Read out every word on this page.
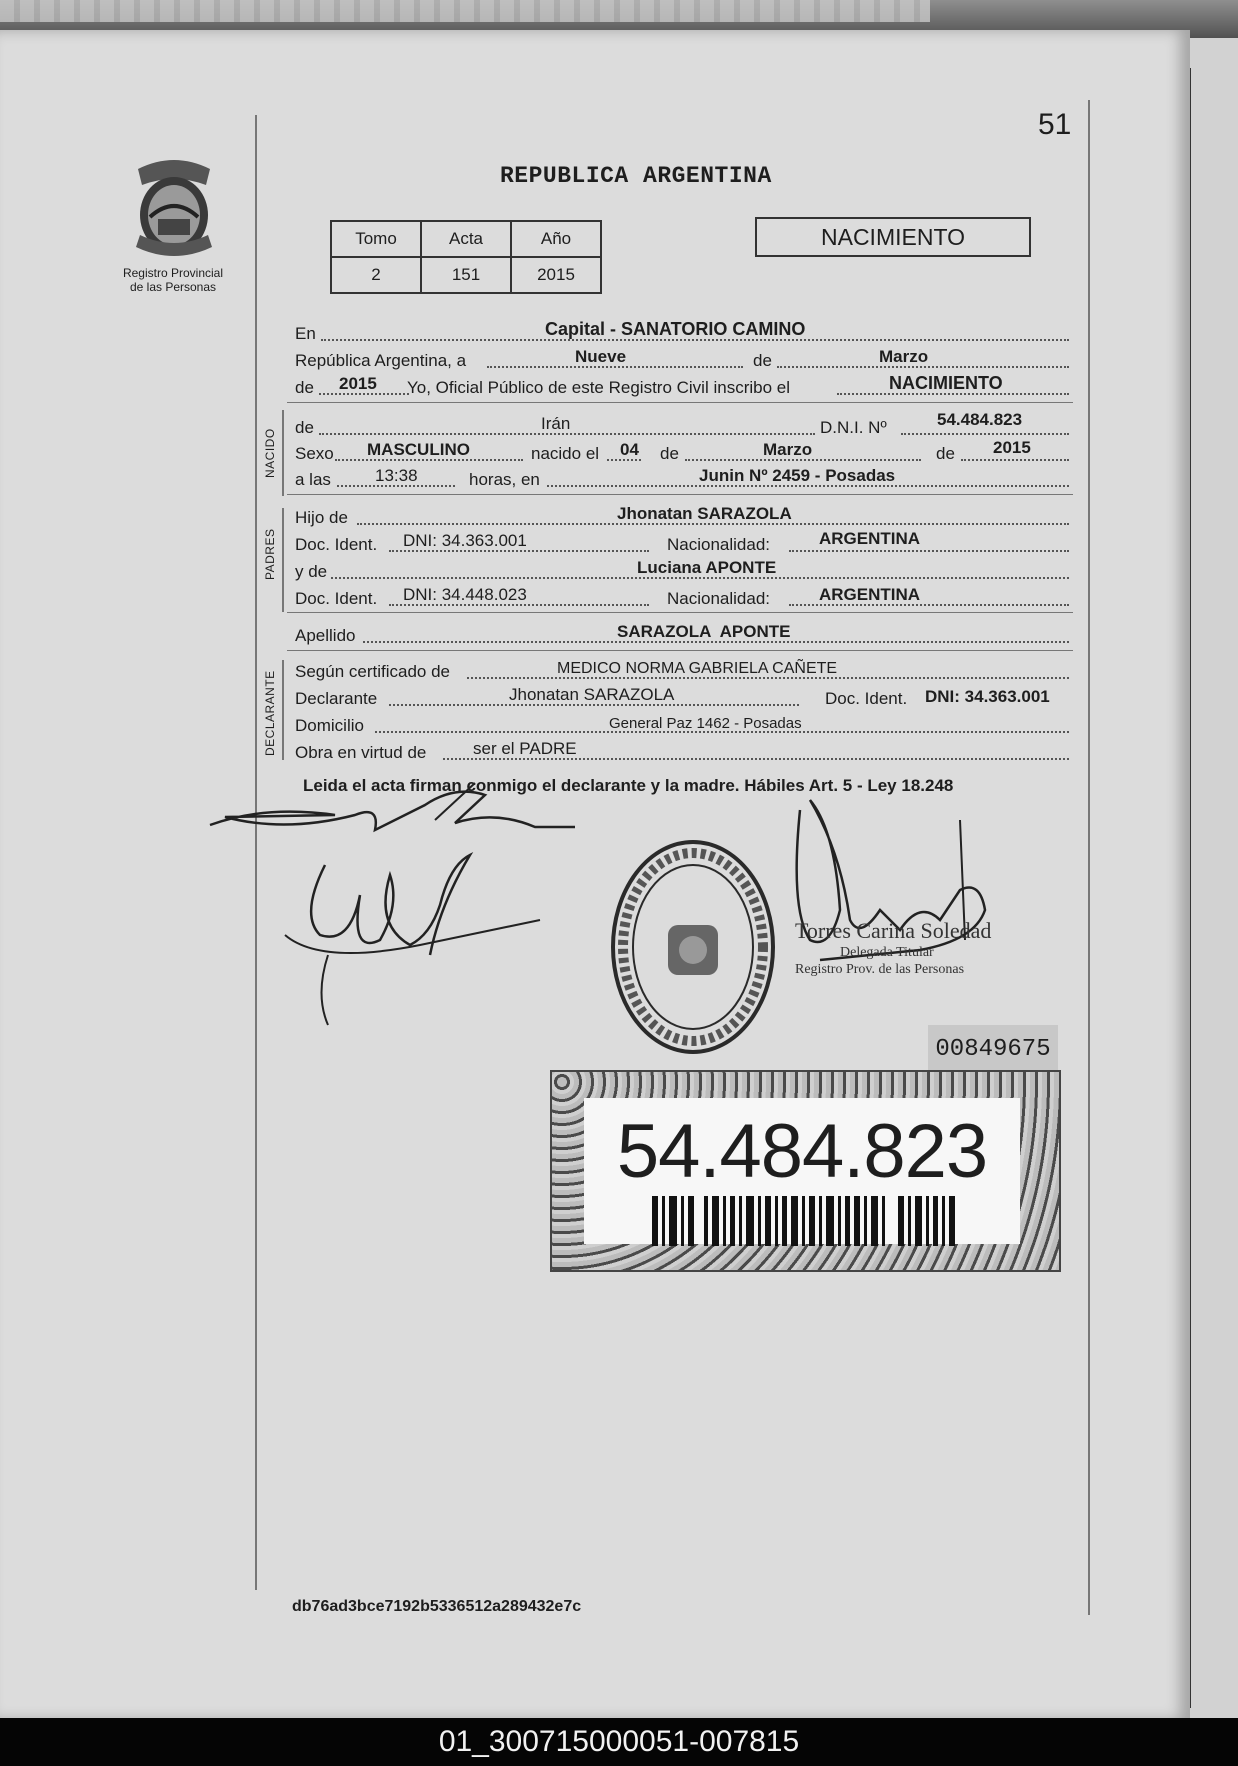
51
REPUBLICA ARGENTINA
Registro Provincial
de las Personas
Tomo	Acta	Año
2	151	2015
NACIMIENTO
En	Capital - SANATORIO CAMINO
República Argentina, a	Nueve	de	Marzo
de 2015 Yo, Oficial Público de este Registro Civil inscribo el	NACIMIENTO
NACIDO
de	Irán	D.N.I. Nº	54.484.823
Sexo MASCULINO	nacido el 04 de	Marzo	de 2015
a las	13:38	horas, en	Junin Nº 2459 - Posadas
PADRES
Hijo de	Jhonatan SARAZOLA
Doc. Ident. DNI: 34.363.001	Nacionalidad:	ARGENTINA
y de	Luciana APONTE
Doc. Ident. DNI: 34.448.023	Nacionalidad:	ARGENTINA
Apellido	SARAZOLA  APONTE
DECLARANTE Según certificado de	MEDICO NORMA GABRIELA CAÑETE
Declarante	Jhonatan SARAZOLA	Doc. Ident. DNI: 34.363.001
Domicilio	General Paz 1462 - Posadas
Obra en virtud de	ser el PADRE
Leida el acta firman conmigo el declarante y la madre. Hábiles Art. 5 - Ley 18.248
Torres Carina Soledad
Delegada Titular
Registro Prov. de las Personas
00849675
54.484.823
db76ad3bce7192b5336512a289432e7c
01_300715000051-007815
